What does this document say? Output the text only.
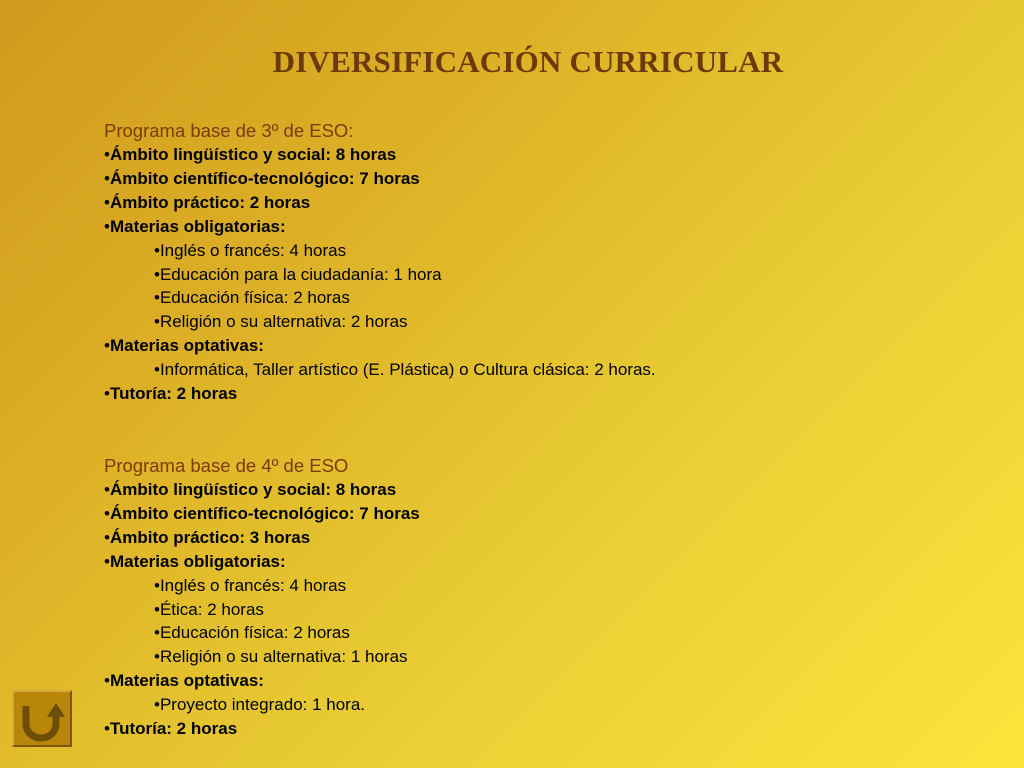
DIVERSIFICACIÓN CURRICULAR

Programa base de 3º de ESO:

•Ámbito lingüístico y social: 8 horas

•Ámbito científico-tecnológico: 7 horas

•Ámbito práctico: 2 horas

•Materias obligatorias:

•Inglés o francés: 4 horas

•Educación para la ciudadanía: 1 hora

•Educación física: 2 horas

•Religión o su alternativa: 2 horas

•Materias optativas:

•Informática, Taller artístico (E. Plástica) o Cultura clásica: 2 horas.

•Tutoría: 2 horas

Programa base de 4º de ESO

•Ámbito lingüístico y social: 8 horas

•Ámbito científico-tecnológico: 7 horas

•Ámbito práctico: 3 horas

•Materias obligatorias:

•Inglés o francés: 4 horas

•Ética: 2 horas

•Educación física: 2 horas

•Religión o su alternativa: 1 horas

•Materias optativas:

•Proyecto integrado: 1 hora.

•Tutoría: 2 horas
